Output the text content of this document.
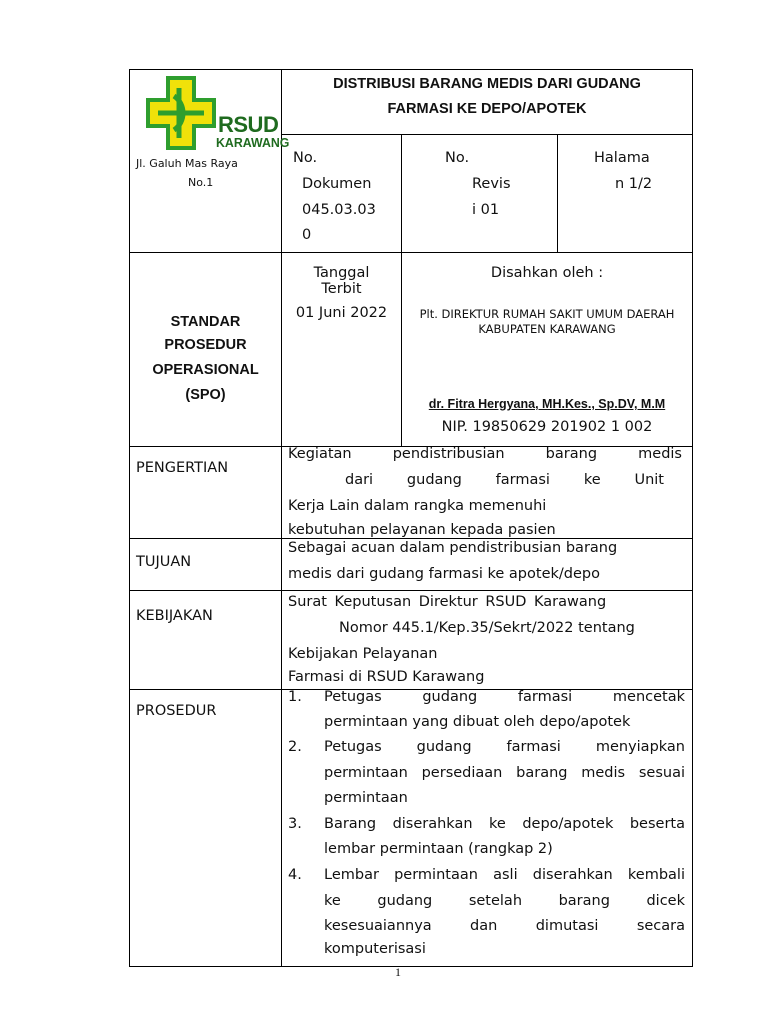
RSUD
KARAWANG
Jl. Galuh Mas Raya
No.1
DISTRIBUSI BARANG MEDIS DARI GUDANG
FARMASI KE DEPO/APOTEK
No.
Dokumen
045.03.03
0
No.
Revis
i 01
Halama
n 1/2
STANDAR
PROSEDUR
OPERASIONAL
(SPO)
Tanggal
Terbit
01 Juni 2022
Disahkan oleh :
Plt. DIREKTUR RUMAH SAKIT UMUM DAERAH
KABUPATEN KARAWANG
dr. Fitra Hergyana, MH.Kes., Sp.DV, M.M
NIP. 19850629 201902 1 002
PENGERTIAN
Kegiatan pendistribusian barang medis
dari gudang farmasi ke Unit
Kerja Lain dalam rangka memenuhi
kebutuhan pelayanan kepada pasien
TUJUAN
Sebagai acuan dalam pendistribusian barang
medis dari gudang farmasi ke apotek/depo
KEBIJAKAN
Surat Keputusan Direktur RSUD Karawang
Nomor 445.1/Kep.35/Sekrt/2022 tentang
Kebijakan Pelayanan
Farmasi di RSUD Karawang
PROSEDUR
1. Petugas gudang farmasi mencetak
permintaan yang dibuat oleh depo/apotek
2. Petugas gudang farmasi menyiapkan
permintaan persediaan barang medis sesuai
permintaan
3. Barang diserahkan ke depo/apotek beserta
lembar permintaan (rangkap 2)
4. Lembar permintaan asli diserahkan kembali
ke gudang setelah barang dicek
kesesuaiannya dan dimutasi secara
komputerisasi
1
